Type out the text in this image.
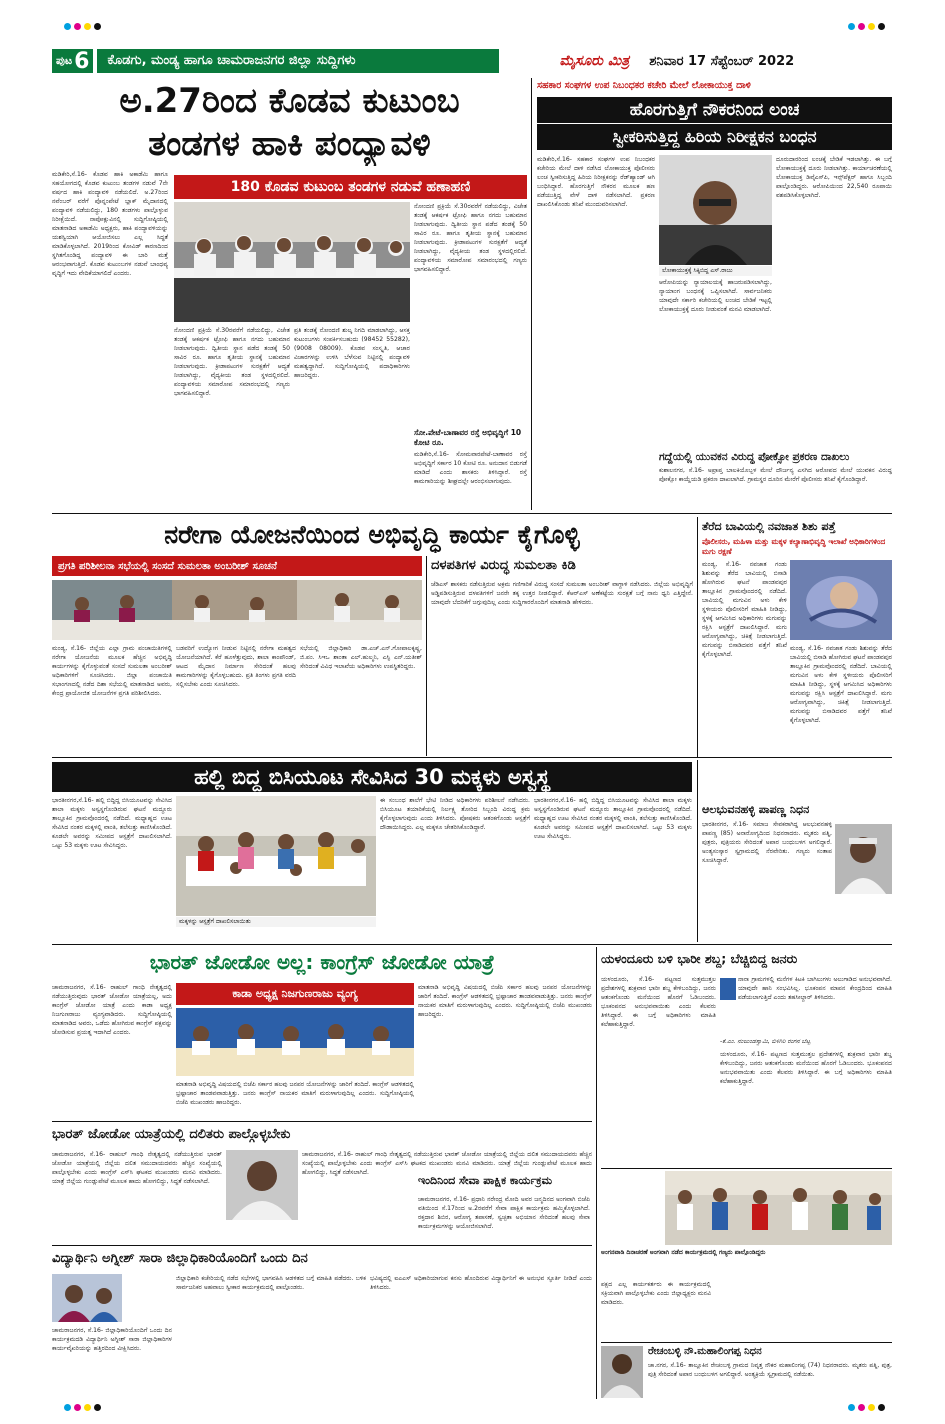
ಪುಟ 6	ಕೊಡಗು, ಮಂಡ್ಯ ಹಾಗೂ ಚಾಮರಾಜನಗರ ಜಿಲ್ಲಾ ಸುದ್ದಿಗಳು	ಮೈಸೂರು ಮಿತ್ರ ಶನಿವಾರ 17 ಸೆಪ್ಟೆಂಬರ್ 2022
ಅ.27ರಿಂದ ಕೊಡವ ಕುಟುಂಬ
ತಂಡಗಳ ಹಾಕಿ ಪಂದ್ಯಾವಳಿ
ಮಡಿಕೇರಿ,ಸೆ.16- ಕೊಡವ ಹಾಕಿ ಅಕಾಡೆಮಿ ಹಾಗೂ ಸಹಯೋಗದಲ್ಲಿ ಕೊಡವ ಕುಟುಂಬ ತಂಡಗಳ ನಡುವೆ 7ನೇ ವರ್ಷದ ಹಾಕಿ ಪಂದ್ಯಾವಳಿ ನಡೆಯಲಿದೆ. ಅ.27ರಿಂದ ನವೆಂಬರ್ ವರೆಗೆ ಪೊನ್ನಂಪೇಟೆ ಬ್ಲಾಕ್ ಮೈದಾನದಲ್ಲಿ ಪಂದ್ಯಾವಳಿ ನಡೆಯಲಿದ್ದು, 180 ತಂಡಗಳು ಪಾಲ್ಗೊಳ್ಳುವ ನಿರೀಕ್ಷೆಯಿದೆ. ನಾಪೋಕ್ಲುವಿನಲ್ಲಿ ಸುದ್ದಿಗೋಷ್ಠಿಯಲ್ಲಿ ಮಾತನಾಡಿದ ಅಕಾಡೆಮಿ ಅಧ್ಯಕ್ಷರು, ಹಾಕಿ ಪಂದ್ಯಾವಳಿಯನ್ನು ಯಶಸ್ವಿಯಾಗಿ ಆಯೋಜಿಸಲು ಎಲ್ಲ ಸಿದ್ಧತೆ ಮಾಡಿಕೊಳ್ಳಲಾಗಿದೆ. 2019ರಿಂದ ಕೋವಿಡ್ ಕಾರಣದಿಂದ ಸ್ಥಗಿತಗೊಂಡಿದ್ದ ಪಂದ್ಯಾವಳಿ ಈ ಬಾರಿ ಮತ್ತೆ ಆರಂಭವಾಗುತ್ತಿದೆ. ಕೊಡವ ಕುಟುಂಬಗಳ ನಡುವೆ ಬಾಂಧವ್ಯ ವೃದ್ಧಿಗೆ ಇದು ವೇದಿಕೆಯಾಗಲಿದೆ ಎಂದರು.
180 ಕೊಡವ ಕುಟುಂಬ ತಂಡಗಳ ನಡುವೆ ಹಣಾಹಣಿ
ನೋಂದಣಿ ಪ್ರಕ್ರಿಯೆ ಸೆ.30ರವರೆಗೆ ನಡೆಯಲಿದ್ದು, ವಿಜೇತ ತಂಡಕ್ಕೆ ಆಕರ್ಷಕ ಟ್ರೋಫಿ ಹಾಗೂ ನಗದು ಬಹುಮಾನ ನೀಡಲಾಗುವುದು. ದ್ವಿತೀಯ ಸ್ಥಾನ ಪಡೆದ ತಂಡಕ್ಕೆ 50 ಸಾವಿರ ರೂ. ಹಾಗೂ ತೃತೀಯ ಸ್ಥಾನಕ್ಕೆ ಬಹುಮಾನ ನೀಡಲಾಗುವುದು. ಕ್ರೀಡಾಪಟುಗಳ ಸುರಕ್ಷತೆಗೆ ಆದ್ಯತೆ ನೀಡಲಾಗಿದ್ದು, ವೈದ್ಯಕೀಯ ತಂಡ ಸ್ಥಳದಲ್ಲಿರಲಿದೆ. ಪಂದ್ಯಾವಳಿಯ ಸಮಾರೋಪ ಸಮಾರಂಭದಲ್ಲಿ ಗಣ್ಯರು ಭಾಗವಹಿಸಲಿದ್ದಾರೆ.
ಪ್ರತಿ ತಂಡಕ್ಕೆ ನೋಂದಣಿ ಶುಲ್ಕ ನಿಗದಿ ಮಾಡಲಾಗಿದ್ದು, ಆಸಕ್ತ ಕುಟುಂಬಗಳು ಸಂಪರ್ಕಿಸಬಹುದು (98452 55282), (9008 08009). ಕೊಡವ ಸಂಸ್ಕೃತಿ, ಆಚಾರ ವಿಚಾರಗಳನ್ನು ಉಳಿಸಿ ಬೆಳೆಸುವ ನಿಟ್ಟಿನಲ್ಲಿ ಪಂದ್ಯಾವಳಿ ಮಹತ್ವದ್ದಾಗಿದೆ. ಸುದ್ದಿಗೋಷ್ಠಿಯಲ್ಲಿ ಪದಾಧಿಕಾರಿಗಳು ಹಾಜರಿದ್ದರು.
ನೋಂದಣಿ ಪ್ರಕ್ರಿಯೆ ಸೆ.30ರವರೆಗೆ ನಡೆಯಲಿದ್ದು, ವಿಜೇತ ತಂಡಕ್ಕೆ ಆಕರ್ಷಕ ಟ್ರೋಫಿ ಹಾಗೂ ನಗದು ಬಹುಮಾನ ನೀಡಲಾಗುವುದು. ದ್ವಿತೀಯ ಸ್ಥಾನ ಪಡೆದ ತಂಡಕ್ಕೆ 50 ಸಾವಿರ ರೂ. ಹಾಗೂ ತೃತೀಯ ಸ್ಥಾನಕ್ಕೆ ಬಹುಮಾನ ನೀಡಲಾಗುವುದು. ಕ್ರೀಡಾಪಟುಗಳ ಸುರಕ್ಷತೆಗೆ ಆದ್ಯತೆ ನೀಡಲಾಗಿದ್ದು, ವೈದ್ಯಕೀಯ ತಂಡ ಸ್ಥಳದಲ್ಲಿರಲಿದೆ. ಪಂದ್ಯಾವಳಿಯ ಸಮಾರೋಪ ಸಮಾರಂಭದಲ್ಲಿ ಗಣ್ಯರು ಭಾಗವಹಿಸಲಿದ್ದಾರೆ.
ಸೋ.ಪೇಟೆ-ಬಾಣಾವರ ರಸ್ತೆ ಅಭಿವೃದ್ಧಿಗೆ 10 ಕೋಟಿ ರೂ.
ಮಡಿಕೇರಿ,ಸೆ.16- ಸೋಮವಾರಪೇಟೆ-ಬಾಣಾವರ ರಸ್ತೆ ಅಭಿವೃದ್ಧಿಗೆ ಸರ್ಕಾರ 10 ಕೋಟಿ ರೂ. ಅನುದಾನ ಬಿಡುಗಡೆ ಮಾಡಿದೆ ಎಂದು ಶಾಸಕರು ತಿಳಿಸಿದ್ದಾರೆ. ರಸ್ತೆ ಕಾಮಗಾರಿಯನ್ನು ಶೀಘ್ರದಲ್ಲೇ ಆರಂಭಿಸಲಾಗುವುದು.
ಸಹಕಾರ ಸಂಘಗಳ ಉಪ ನಿಬಂಧಕರ ಕಚೇರಿ ಮೇಲೆ ಲೋಕಾಯುಕ್ತ ದಾಳಿ
ಹೊರಗುತ್ತಿಗೆ ನೌಕರನಿಂದ ಲಂಚ
ಸ್ವೀಕರಿಸುತ್ತಿದ್ದ ಹಿರಿಯ ನಿರೀಕ್ಷಕನ ಬಂಧನ
ಮಡಿಕೇರಿ,ಸೆ.16- ಸಹಕಾರ ಸಂಘಗಳ ಉಪ ನಿಬಂಧಕರ ಕಚೇರಿಯ ಮೇಲೆ ದಾಳಿ ನಡೆಸಿದ ಲೋಕಾಯುಕ್ತ ಪೊಲೀಸರು ಲಂಚ ಸ್ವೀಕರಿಸುತ್ತಿದ್ದ ಹಿರಿಯ ನಿರೀಕ್ಷಕನನ್ನು ರೆಡ್‌ಹ್ಯಾಂಡ್ ಆಗಿ ಬಂಧಿಸಿದ್ದಾರೆ. ಹೊರಗುತ್ತಿಗೆ ನೌಕರನ ಮೂಲಕ ಹಣ ಪಡೆಯುತ್ತಿದ್ದ ವೇಳೆ ದಾಳಿ ನಡೆಸಲಾಗಿದೆ. ಪ್ರಕರಣ ದಾಖಲಿಸಿಕೊಂಡು ತನಿಖೆ ಮುಂದುವರಿಸಲಾಗಿದೆ.
ಲೋಕಾಯುಕ್ತಕ್ಕೆ ಸಿಕ್ಕಿಬಿದ್ದ ಎಸ್.ರಾಜು
ಆರೋಪಿಯನ್ನು ನ್ಯಾಯಾಲಯಕ್ಕೆ ಹಾಜರುಪಡಿಸಲಾಗಿದ್ದು, ನ್ಯಾಯಾಂಗ ಬಂಧನಕ್ಕೆ ಒಪ್ಪಿಸಲಾಗಿದೆ. ಸಾರ್ವಜನಿಕರು ಯಾವುದೇ ಸರ್ಕಾರಿ ಕಚೇರಿಯಲ್ಲಿ ಲಂಚದ ಬೇಡಿಕೆ ಇಟ್ಟಲ್ಲಿ ಲೋಕಾಯುಕ್ತಕ್ಕೆ ದೂರು ನೀಡುವಂತೆ ಮನವಿ ಮಾಡಲಾಗಿದೆ.
ದೂರುದಾರರಿಂದ ಲಂಚಕ್ಕೆ ಬೇಡಿಕೆ ಇಡಲಾಗಿತ್ತು. ಈ ಬಗ್ಗೆ ಲೋಕಾಯುಕ್ತಕ್ಕೆ ದೂರು ನೀಡಲಾಗಿತ್ತು. ಕಾರ್ಯಾಚರಣೆಯಲ್ಲಿ ಲೋಕಾಯುಕ್ತ ಡಿವೈಎಸ್‌ಪಿ, ಇನ್ಸ್‌ಪೆಕ್ಟರ್ ಹಾಗೂ ಸಿಬ್ಬಂದಿ ಪಾಲ್ಗೊಂಡಿದ್ದರು. ಆರೋಪಿಯಿಂದ 22,540 ರೂಪಾಯಿ ವಶಪಡಿಸಿಕೊಳ್ಳಲಾಗಿದೆ.
ಗದ್ದೆಯಲ್ಲಿ ಯುವಕನ ವಿರುದ್ಧ ಪೋಕ್ಸೋ ಪ್ರಕರಣ ದಾಖಲು
ಕುಶಾಲನಗರ, ಸೆ.16- ಅಪ್ರಾಪ್ತ ಬಾಲಕಿಯೊಬ್ಬಳ ಮೇಲೆ ದೌರ್ಜನ್ಯ ಎಸಗಿದ ಆರೋಪದ ಮೇಲೆ ಯುವಕನ ವಿರುದ್ಧ ಪೋಕ್ಸೋ ಕಾಯ್ದೆಯಡಿ ಪ್ರಕರಣ ದಾಖಲಾಗಿದೆ. ಗ್ರಾಮಸ್ಥರ ದೂರಿನ ಮೇರೆಗೆ ಪೊಲೀಸರು ತನಿಖೆ ಕೈಗೊಂಡಿದ್ದಾರೆ.
ನರೇಗಾ ಯೋಜನೆಯಿಂದ ಅಭಿವೃದ್ಧಿ ಕಾರ್ಯ ಕೈಗೊಳ್ಳಿ
ಪ್ರಗತಿ ಪರಿಶೀಲನಾ ಸಭೆಯಲ್ಲಿ ಸಂಸದೆ ಸುಮಲತಾ ಅಂಬರೀಶ್ ಸೂಚನೆ
ಮಂಡ್ಯ, ಸೆ.16- ಜಿಲ್ಲೆಯ ಎಲ್ಲಾ ಗ್ರಾಮ ಪಂಚಾಯಿತಿಗಳಲ್ಲಿ ನರೇಗಾ ಯೋಜನೆಯ ಮೂಲಕ ಹೆಚ್ಚಿನ ಅಭಿವೃದ್ಧಿ ಕಾರ್ಯಗಳನ್ನು ಕೈಗೊಳ್ಳುವಂತೆ ಸಂಸದೆ ಸುಮಲತಾ ಅಂಬರೀಶ್ ಅಧಿಕಾರಿಗಳಿಗೆ ಸೂಚಿಸಿದರು. ಜಿಲ್ಲಾ ಪಂಚಾಯಿತಿ ಸಭಾಂಗಣದಲ್ಲಿ ನಡೆದ ದಿಶಾ ಸಭೆಯಲ್ಲಿ ಮಾತನಾಡಿದ ಅವರು, ಕೇಂದ್ರ ಪ್ರಾಯೋಜಿತ ಯೋಜನೆಗಳ ಪ್ರಗತಿ ಪರಿಶೀಲಿಸಿದರು.
ಬಡವರಿಗೆ ಉದ್ಯೋಗ ನೀಡುವ ನಿಟ್ಟಿನಲ್ಲಿ ನರೇಗಾ ಮಹತ್ವದ ಯೋಜನೆಯಾಗಿದೆ. ಕೆರೆ ಹೂಳೆತ್ತುವುದು, ಶಾಲಾ ಕಾಂಪೌಂಡ್, ಆಟದ ಮೈದಾನ ನಿರ್ಮಾಣ ಸೇರಿದಂತೆ ಹಲವು ಕಾಮಗಾರಿಗಳನ್ನು ಕೈಗೊಳ್ಳಬಹುದು. ಪ್ರತಿ ತಿಂಗಳು ಪ್ರಗತಿ ವರದಿ ಸಲ್ಲಿಸಬೇಕು ಎಂದು ಸೂಚಿಸಿದರು.
ಸಭೆಯಲ್ಲಿ ಜಿಲ್ಲಾಧಿಕಾರಿ ಡಾ.ಎಚ್.ಎನ್.ಗೋಪಾಲಕೃಷ್ಣ, ಜಿ.ಪಂ. ಸಿಇಒ ಶಾಂತಾ ಎಲ್.ಹುಲ್ಮನಿ, ಎಸ್ಪಿ ಎನ್.ಯತೀಶ್ ಸೇರಿದಂತೆ ವಿವಿಧ ಇಲಾಖೆಯ ಅಧಿಕಾರಿಗಳು ಉಪಸ್ಥಿತರಿದ್ದರು.
ದಳಪತಿಗಳ ವಿರುದ್ಧ ಸುಮಲತಾ ಕಿಡಿ
ಜೆಡಿಎಸ್ ಶಾಸಕರು ನಡೆಸುತ್ತಿರುವ ಅಕ್ರಮ ಗಣಿಗಾರಿಕೆ ವಿರುದ್ಧ ಸಂಸದೆ ಸುಮಲತಾ ಅಂಬರೀಶ್ ವಾಗ್ದಾಳಿ ನಡೆಸಿದರು. ಜಿಲ್ಲೆಯ ಅಭಿವೃದ್ಧಿಗೆ ಅಡ್ಡಿಪಡಿಸುತ್ತಿರುವ ದಳಪತಿಗಳಿಗೆ ಜನರೇ ತಕ್ಕ ಉತ್ತರ ನೀಡಲಿದ್ದಾರೆ. ಕೆಆರ್‌ಎಸ್ ಅಣೆಕಟ್ಟೆಯ ಸುರಕ್ಷತೆ ಬಗ್ಗೆ ನಾನು ಧ್ವನಿ ಎತ್ತಿದ್ದೇನೆ. ಯಾವುದೇ ಬೆದರಿಕೆಗೆ ಜಗ್ಗುವುದಿಲ್ಲ ಎಂದು ಸುದ್ದಿಗಾರರೊಂದಿಗೆ ಮಾತನಾಡಿ ಹೇಳಿದರು.
ತೆರೆದ ಬಾವಿಯಲ್ಲಿ ನವಜಾತ ಶಿಶು ಪತ್ತೆ
ಪೊಲೀಸರು, ಮಹಿಳಾ ಮತ್ತು ಮಕ್ಕಳ ಕಲ್ಯಾಣಾಭಿವೃದ್ಧಿ ಇಲಾಖೆ ಅಧಿಕಾರಿಗಳಿಂದ ಮಗು ರಕ್ಷಣೆ
ಮಂಡ್ಯ, ಸೆ.16- ನವಜಾತ ಗಂಡು ಶಿಶುವನ್ನು ತೆರೆದ ಬಾವಿಯಲ್ಲಿ ಬಿಸಾಡಿ ಹೋಗಿರುವ ಘಟನೆ ಪಾಂಡವಪುರ ತಾಲ್ಲೂಕಿನ ಗ್ರಾಮವೊಂದರಲ್ಲಿ ನಡೆದಿದೆ. ಬಾವಿಯಲ್ಲಿ ಮಗುವಿನ ಅಳು ಕೇಳಿ ಸ್ಥಳೀಯರು ಪೊಲೀಸರಿಗೆ ಮಾಹಿತಿ ನೀಡಿದ್ದು, ಸ್ಥಳಕ್ಕೆ ಆಗಮಿಸಿದ ಅಧಿಕಾರಿಗಳು ಮಗುವನ್ನು ರಕ್ಷಿಸಿ ಆಸ್ಪತ್ರೆಗೆ ದಾಖಲಿಸಿದ್ದಾರೆ. ಮಗು ಆರೋಗ್ಯವಾಗಿದ್ದು, ಚಿಕಿತ್ಸೆ ನೀಡಲಾಗುತ್ತಿದೆ. ಮಗುವನ್ನು ಬಿಸಾಡಿದವರ ಪತ್ತೆಗೆ ತನಿಖೆ ಕೈಗೊಳ್ಳಲಾಗಿದೆ.
ಮಂಡ್ಯ, ಸೆ.16- ನವಜಾತ ಗಂಡು ಶಿಶುವನ್ನು ತೆರೆದ ಬಾವಿಯಲ್ಲಿ ಬಿಸಾಡಿ ಹೋಗಿರುವ ಘಟನೆ ಪಾಂಡವಪುರ ತಾಲ್ಲೂಕಿನ ಗ್ರಾಮವೊಂದರಲ್ಲಿ ನಡೆದಿದೆ. ಬಾವಿಯಲ್ಲಿ ಮಗುವಿನ ಅಳು ಕೇಳಿ ಸ್ಥಳೀಯರು ಪೊಲೀಸರಿಗೆ ಮಾಹಿತಿ ನೀಡಿದ್ದು, ಸ್ಥಳಕ್ಕೆ ಆಗಮಿಸಿದ ಅಧಿಕಾರಿಗಳು ಮಗುವನ್ನು ರಕ್ಷಿಸಿ ಆಸ್ಪತ್ರೆಗೆ ದಾಖಲಿಸಿದ್ದಾರೆ. ಮಗು ಆರೋಗ್ಯವಾಗಿದ್ದು, ಚಿಕಿತ್ಸೆ ನೀಡಲಾಗುತ್ತಿದೆ. ಮಗುವನ್ನು ಬಿಸಾಡಿದವರ ಪತ್ತೆಗೆ ತನಿಖೆ ಕೈಗೊಳ್ಳಲಾಗಿದೆ.
ಹಲ್ಲಿ ಬಿದ್ದ ಬಿಸಿಯೂಟ ಸೇವಿಸಿದ 30 ಮಕ್ಕಳು ಅಸ್ವಸ್ಥ
ಭಾರತೀನಗರ,ಸೆ.16- ಹಲ್ಲಿ ಬಿದ್ದಿದ್ದ ಬಿಸಿಯೂಟವನ್ನು ಸೇವಿಸಿದ ಶಾಲಾ ಮಕ್ಕಳು ಅಸ್ವಸ್ಥಗೊಂಡಿರುವ ಘಟನೆ ಮದ್ದೂರು ತಾಲ್ಲೂಕಿನ ಗ್ರಾಮವೊಂದರಲ್ಲಿ ನಡೆದಿದೆ. ಮಧ್ಯಾಹ್ನದ ಊಟ ಸೇವಿಸಿದ ನಂತರ ಮಕ್ಕಳಲ್ಲಿ ವಾಂತಿ, ತಲೆಸುತ್ತು ಕಾಣಿಸಿಕೊಂಡಿದೆ. ಕೂಡಲೇ ಅವರನ್ನು ಸಮೀಪದ ಆಸ್ಪತ್ರೆಗೆ ದಾಖಲಿಸಲಾಗಿದೆ. ಒಟ್ಟು 53 ಮಕ್ಕಳು ಊಟ ಸೇವಿಸಿದ್ದರು.
ಮಕ್ಕಳನ್ನು ಆಸ್ಪತ್ರೆಗೆ ದಾಖಲಿಸಲಾಯಿತು
ಈ ಸಂಬಂಧ ಶಾಲೆಗೆ ಭೇಟಿ ನೀಡಿದ ಅಧಿಕಾರಿಗಳು ಪರಿಶೀಲನೆ ನಡೆಸಿದರು. ಬಿಸಿಯೂಟ ತಯಾರಿಕೆಯಲ್ಲಿ ನಿರ್ಲಕ್ಷ್ಯ ತೋರಿದ ಸಿಬ್ಬಂದಿ ವಿರುದ್ಧ ಕ್ರಮ ಕೈಗೊಳ್ಳಲಾಗುವುದು ಎಂದು ತಿಳಿಸಿದರು. ಪೋಷಕರು ಆತಂಕಗೊಂಡು ಆಸ್ಪತ್ರೆಗೆ ದೌಡಾಯಿಸಿದ್ದರು. ಎಲ್ಲ ಮಕ್ಕಳೂ ಚೇತರಿಸಿಕೊಂಡಿದ್ದಾರೆ.
ಭಾರತೀನಗರ,ಸೆ.16- ಹಲ್ಲಿ ಬಿದ್ದಿದ್ದ ಬಿಸಿಯೂಟವನ್ನು ಸೇವಿಸಿದ ಶಾಲಾ ಮಕ್ಕಳು ಅಸ್ವಸ್ಥಗೊಂಡಿರುವ ಘಟನೆ ಮದ್ದೂರು ತಾಲ್ಲೂಕಿನ ಗ್ರಾಮವೊಂದರಲ್ಲಿ ನಡೆದಿದೆ. ಮಧ್ಯಾಹ್ನದ ಊಟ ಸೇವಿಸಿದ ನಂತರ ಮಕ್ಕಳಲ್ಲಿ ವಾಂತಿ, ತಲೆಸುತ್ತು ಕಾಣಿಸಿಕೊಂಡಿದೆ. ಕೂಡಲೇ ಅವರನ್ನು ಸಮೀಪದ ಆಸ್ಪತ್ರೆಗೆ ದಾಖಲಿಸಲಾಗಿದೆ. ಒಟ್ಟು 53 ಮಕ್ಕಳು ಊಟ ಸೇವಿಸಿದ್ದರು.
ಆಲಭುವನಹಳ್ಳಿ ಪಾಪಣ್ಣ ನಿಧನ
ಭಾರತೀನಗರ, ಸೆ.16- ಸಮಾಜ ಸೇವಕರಾಗಿದ್ದ ಆಲಭುವನಹಳ್ಳಿ ಪಾಪಣ್ಣ (85) ಅನಾರೋಗ್ಯದಿಂದ ನಿಧನರಾದರು. ಮೃತರು ಪತ್ನಿ, ಪುತ್ರರು, ಪುತ್ರಿಯರು ಸೇರಿದಂತೆ ಅಪಾರ ಬಂಧುಬಳಗ ಅಗಲಿದ್ದಾರೆ. ಅಂತ್ಯಸಂಸ್ಕಾರ ಸ್ವಗ್ರಾಮದಲ್ಲಿ ನೆರವೇರಿತು. ಗಣ್ಯರು ಸಂತಾಪ ಸೂಚಿಸಿದ್ದಾರೆ.
ಭಾರತ್ ಜೋಡೋ ಅಲ್ಲ: ಕಾಂಗ್ರೆಸ್ ಜೋಡೋ ಯಾತ್ರೆ
ಕಾಡಾ ಅಧ್ಯಕ್ಷ ನಿಜಗುಣರಾಜು ವ್ಯಂಗ್ಯ
ಚಾಮರಾಜನಗರ, ಸೆ.16- ರಾಹುಲ್ ಗಾಂಧಿ ನೇತೃತ್ವದಲ್ಲಿ ನಡೆಯುತ್ತಿರುವುದು ಭಾರತ್ ಜೋಡೋ ಯಾತ್ರೆಯಲ್ಲ, ಅದು ಕಾಂಗ್ರೆಸ್ ಜೋಡೋ ಯಾತ್ರೆ ಎಂದು ಕಾಡಾ ಅಧ್ಯಕ್ಷ ನಿಜಗುಣರಾಜು ವ್ಯಂಗ್ಯವಾಡಿದರು. ಸುದ್ದಿಗೋಷ್ಠಿಯಲ್ಲಿ ಮಾತನಾಡಿದ ಅವರು, ಒಡೆದು ಹೋಗಿರುವ ಕಾಂಗ್ರೆಸ್ ಪಕ್ಷವನ್ನು ಜೋಡಿಸುವ ಪ್ರಯತ್ನ ಇದಾಗಿದೆ ಎಂದರು.
ಮಾತನಾಡಿ ಅಭಿವೃದ್ಧಿ ವಿಷಯದಲ್ಲಿ ಬಿಜೆಪಿ ಸರ್ಕಾರ ಹಲವು ಜನಪರ ಯೋಜನೆಗಳನ್ನು ಜಾರಿಗೆ ತಂದಿದೆ. ಕಾಂಗ್ರೆಸ್ ಆಡಳಿತದಲ್ಲಿ ಭ್ರಷ್ಟಾಚಾರ ತಾಂಡವವಾಡುತ್ತಿತ್ತು. ಜನರು ಕಾಂಗ್ರೆಸ್ ನಾಯಕರ ಮಾತಿಗೆ ಮರುಳಾಗುವುದಿಲ್ಲ ಎಂದರು. ಸುದ್ದಿಗೋಷ್ಠಿಯಲ್ಲಿ ಬಿಜೆಪಿ ಮುಖಂಡರು ಹಾಜರಿದ್ದರು.
ಮಾತನಾಡಿ ಅಭಿವೃದ್ಧಿ ವಿಷಯದಲ್ಲಿ ಬಿಜೆಪಿ ಸರ್ಕಾರ ಹಲವು ಜನಪರ ಯೋಜನೆಗಳನ್ನು ಜಾರಿಗೆ ತಂದಿದೆ. ಕಾಂಗ್ರೆಸ್ ಆಡಳಿತದಲ್ಲಿ ಭ್ರಷ್ಟಾಚಾರ ತಾಂಡವವಾಡುತ್ತಿತ್ತು. ಜನರು ಕಾಂಗ್ರೆಸ್ ನಾಯಕರ ಮಾತಿಗೆ ಮರುಳಾಗುವುದಿಲ್ಲ ಎಂದರು. ಸುದ್ದಿಗೋಷ್ಠಿಯಲ್ಲಿ ಬಿಜೆಪಿ ಮುಖಂಡರು ಹಾಜರಿದ್ದರು.
ಭಾರತ್ ಜೋಡೋ ಯಾತ್ರೆಯಲ್ಲಿ ದಲಿತರು ಪಾಲ್ಗೊಳ್ಳಬೇಕು
ಚಾಮರಾಜನಗರ, ಸೆ.16- ರಾಹುಲ್ ಗಾಂಧಿ ನೇತೃತ್ವದಲ್ಲಿ ನಡೆಯುತ್ತಿರುವ ಭಾರತ್ ಜೋಡೋ ಯಾತ್ರೆಯಲ್ಲಿ ಜಿಲ್ಲೆಯ ದಲಿತ ಸಮುದಾಯದವರು ಹೆಚ್ಚಿನ ಸಂಖ್ಯೆಯಲ್ಲಿ ಪಾಲ್ಗೊಳ್ಳಬೇಕು ಎಂದು ಕಾಂಗ್ರೆಸ್ ಎಸ್‌ಸಿ ಘಟಕದ ಮುಖಂಡರು ಮನವಿ ಮಾಡಿದರು. ಯಾತ್ರೆ ಜಿಲ್ಲೆಯ ಗುಂಡ್ಲುಪೇಟೆ ಮೂಲಕ ಹಾದು ಹೋಗಲಿದ್ದು, ಸಿದ್ಧತೆ ನಡೆಸಲಾಗಿದೆ.
ಚಾಮರಾಜನಗರ, ಸೆ.16- ರಾಹುಲ್ ಗಾಂಧಿ ನೇತೃತ್ವದಲ್ಲಿ ನಡೆಯುತ್ತಿರುವ ಭಾರತ್ ಜೋಡೋ ಯಾತ್ರೆಯಲ್ಲಿ ಜಿಲ್ಲೆಯ ದಲಿತ ಸಮುದಾಯದವರು ಹೆಚ್ಚಿನ ಸಂಖ್ಯೆಯಲ್ಲಿ ಪಾಲ್ಗೊಳ್ಳಬೇಕು ಎಂದು ಕಾಂಗ್ರೆಸ್ ಎಸ್‌ಸಿ ಘಟಕದ ಮುಖಂಡರು ಮನವಿ ಮಾಡಿದರು. ಯಾತ್ರೆ ಜಿಲ್ಲೆಯ ಗುಂಡ್ಲುಪೇಟೆ ಮೂಲಕ ಹಾದು ಹೋಗಲಿದ್ದು, ಸಿದ್ಧತೆ ನಡೆಸಲಾಗಿದೆ.
ವಿದ್ಯಾರ್ಥಿನಿ ಅಗ್ನೀಶ್ ಸಾರಾ ಜಿಲ್ಲಾಧಿಕಾರಿಯೊಂದಿಗೆ ಒಂದು ದಿನ
ಚಾಮರಾಜನಗರ, ಸೆ.16- ಜಿಲ್ಲಾಧಿಕಾರಿಯೊಂದಿಗೆ ಒಂದು ದಿನ ಕಾರ್ಯಕ್ರಮದಡಿ ವಿದ್ಯಾರ್ಥಿನಿ ಅಗ್ನೀಶ್ ಸಾರಾ ಜಿಲ್ಲಾಧಿಕಾರಿಗಳ ಕಾರ್ಯವೈಖರಿಯನ್ನು ಹತ್ತಿರದಿಂದ ವೀಕ್ಷಿಸಿದರು.
ಜಿಲ್ಲಾಧಿಕಾರಿ ಕಚೇರಿಯಲ್ಲಿ ನಡೆದ ಸಭೆಗಳಲ್ಲಿ ಭಾಗವಹಿಸಿ ಆಡಳಿತದ ಬಗ್ಗೆ ಮಾಹಿತಿ ಪಡೆದರು. ಬಳಿಕ ಸಾರ್ವಜನಿಕರ ಅಹವಾಲು ಸ್ವೀಕಾರ ಕಾರ್ಯಕ್ರಮದಲ್ಲಿ ಪಾಲ್ಗೊಂಡರು.
ಭವಿಷ್ಯದಲ್ಲಿ ಐಎಎಸ್ ಅಧಿಕಾರಿಯಾಗುವ ಕನಸು ಹೊಂದಿರುವ ವಿದ್ಯಾರ್ಥಿನಿಗೆ ಈ ಅನುಭವ ಸ್ಫೂರ್ತಿ ನೀಡಿದೆ ಎಂದು ತಿಳಿಸಿದರು.
ಯಳಂದೂರು ಬಳಿ ಭಾರೀ ಶಬ್ದ; ಬೆಚ್ಚಿಬಿದ್ದ ಜನರು
ಯಳಂದೂರು, ಸೆ.16- ಪಟ್ಟಣದ ಸುತ್ತಮುತ್ತಲ ಪ್ರದೇಶಗಳಲ್ಲಿ ಶುಕ್ರವಾರ ಭಾರೀ ಶಬ್ದ ಕೇಳಿಬಂದಿದ್ದು, ಜನರು ಆತಂಕಗೊಂಡು ಮನೆಯಿಂದ ಹೊರಗೆ ಓಡಿಬಂದರು. ಭೂಕಂಪನದ ಅನುಭವವಾಯಿತು ಎಂದು ಕೆಲವರು ತಿಳಿಸಿದ್ದಾರೆ. ಈ ಬಗ್ಗೆ ಅಧಿಕಾರಿಗಳು ಮಾಹಿತಿ ಕಲೆಹಾಕುತ್ತಿದ್ದಾರೆ.
ನಾನಾ ಗ್ರಾಮಗಳಲ್ಲಿ ಮನೆಗಳ ಕಿಟಕಿ ಬಾಗಿಲುಗಳು ಅಲುಗಾಡಿದ ಅನುಭವವಾಗಿದೆ. ಯಾವುದೇ ಹಾನಿ ಸಂಭವಿಸಿಲ್ಲ. ಭೂಕಂಪನ ಮಾಪನ ಕೇಂದ್ರದಿಂದ ಮಾಹಿತಿ ಪಡೆಯಲಾಗುತ್ತಿದೆ ಎಂದು ತಹಸೀಲ್ದಾರ್ ತಿಳಿಸಿದರು.
-ಕೆ.ಎಂ. ನಂಜುಂಡಸ್ವಾಮಿ, ಬಿಳಿಗಿರಿ ರಂಗನ ಬೆಟ್ಟ
ಯಳಂದೂರು, ಸೆ.16- ಪಟ್ಟಣದ ಸುತ್ತಮುತ್ತಲ ಪ್ರದೇಶಗಳಲ್ಲಿ ಶುಕ್ರವಾರ ಭಾರೀ ಶಬ್ದ ಕೇಳಿಬಂದಿದ್ದು, ಜನರು ಆತಂಕಗೊಂಡು ಮನೆಯಿಂದ ಹೊರಗೆ ಓಡಿಬಂದರು. ಭೂಕಂಪನದ ಅನುಭವವಾಯಿತು ಎಂದು ಕೆಲವರು ತಿಳಿಸಿದ್ದಾರೆ. ಈ ಬಗ್ಗೆ ಅಧಿಕಾರಿಗಳು ಮಾಹಿತಿ ಕಲೆಹಾಕುತ್ತಿದ್ದಾರೆ.
ಇಂದಿನಿಂದ ಸೇವಾ ಪಾಕ್ಷಿಕ ಕಾರ್ಯಕ್ರಮ
ಚಾಮರಾಜನಗರ, ಸೆ.16- ಪ್ರಧಾನಿ ನರೇಂದ್ರ ಮೋದಿ ಅವರ ಜನ್ಮದಿನದ ಅಂಗವಾಗಿ ಬಿಜೆಪಿ ವತಿಯಿಂದ ಸೆ.17ರಿಂದ ಅ.2ರವರೆಗೆ ಸೇವಾ ಪಾಕ್ಷಿಕ ಕಾರ್ಯಕ್ರಮ ಹಮ್ಮಿಕೊಳ್ಳಲಾಗಿದೆ. ರಕ್ತದಾನ ಶಿಬಿರ, ಆರೋಗ್ಯ ತಪಾಸಣೆ, ಸ್ವಚ್ಛತಾ ಅಭಿಯಾನ ಸೇರಿದಂತೆ ಹಲವು ಸೇವಾ ಕಾರ್ಯಕ್ರಮಗಳನ್ನು ಆಯೋಜಿಸಲಾಗಿದೆ.
ಪಕ್ಷದ ಎಲ್ಲ ಕಾರ್ಯಕರ್ತರು ಈ ಕಾರ್ಯಕ್ರಮದಲ್ಲಿ ಸಕ್ರಿಯವಾಗಿ ಪಾಲ್ಗೊಳ್ಳಬೇಕು ಎಂದು ಜಿಲ್ಲಾಧ್ಯಕ್ಷರು ಮನವಿ ಮಾಡಿದರು.
ಅಂಗನವಾಡಿ ದಿನಾಚರಣೆ ಅಂಗವಾಗಿ ನಡೆದ ಕಾರ್ಯಕ್ರಮದಲ್ಲಿ ಗಣ್ಯರು ಪಾಲ್ಗೊಂಡಿದ್ದರು
ರೇಚಂಬಳ್ಳಿ ನೌ.ಮಹಾಲಿಂಗಪ್ಪ ನಿಧನ
ಚಾ.ನಗರ, ಸೆ.16- ತಾಲ್ಲೂಕಿನ ರೇಚಂಬಳ್ಳಿ ಗ್ರಾಮದ ನಿವೃತ್ತ ನೌಕರ ಮಹಾಲಿಂಗಪ್ಪ (74) ನಿಧನರಾದರು. ಮೃತರು ಪತ್ನಿ, ಪುತ್ರ, ಪುತ್ರಿ ಸೇರಿದಂತೆ ಅಪಾರ ಬಂಧುಬಳಗ ಅಗಲಿದ್ದಾರೆ. ಅಂತ್ಯಕ್ರಿಯೆ ಸ್ವಗ್ರಾಮದಲ್ಲಿ ನಡೆಯಿತು.
